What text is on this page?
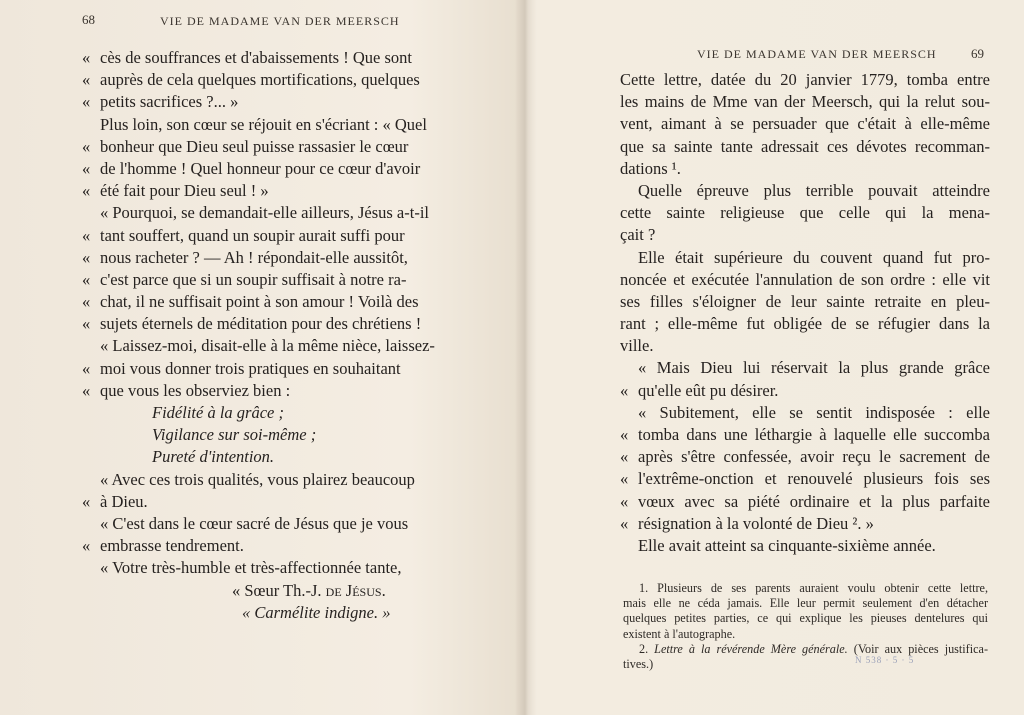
68	VIE DE MADAME VAN DER MEERSCH
« cès de souffrances et d'abaissements ! Que sont
« auprès de cela quelques mortifications, quelques
« petits sacrifices ?... »
Plus loin, son cœur se réjouit en s'écriant : « Quel
« bonheur que Dieu seul puisse rassasier le cœur
« de l'homme ! Quel honneur pour ce cœur d'avoir
« été fait pour Dieu seul ! »
« Pourquoi, se demandait-elle ailleurs, Jésus a-t-il
« tant souffert, quand un soupir aurait suffi pour
« nous racheter ? — Ah ! répondait-elle aussitôt,
« c'est parce que si un soupir suffisait à notre ra-
« chat, il ne suffisait point à son amour ! Voilà des
« sujets éternels de méditation pour des chrétiens !
« Laissez-moi, disait-elle à la même nièce, laissez-
« moi vous donner trois pratiques en souhaitant
« que vous les observiez bien :
Fidélité à la grâce ;
Vigilance sur soi-même ;
Pureté d'intention.
« Avec ces trois qualités, vous plairez beaucoup
« à Dieu.
« C'est dans le cœur sacré de Jésus que je vous
« embrasse tendrement.
« Votre très-humble et très-affectionnée tante,
« Sœur Th.-J. de Jésus.
« Carmélite indigne. »
VIE DE MADAME VAN DER MEERSCH	69
Cette lettre, datée du 20 janvier 1779, tomba entre
les mains de Mme van der Meersch, qui la relut sou-
vent, aimant à se persuader que c'était à elle-même
que sa sainte tante adressait ces dévotes recomman-
dations ¹.
Quelle épreuve plus terrible pouvait atteindre
cette sainte religieuse que celle qui la mena-
çait ?
Elle était supérieure du couvent quand fut pro-
noncée et exécutée l'annulation de son ordre : elle vit
ses filles s'éloigner de leur sainte retraite en pleu-
rant ; elle-même fut obligée de se réfugier dans la
ville.
« Mais Dieu lui réservait la plus grande grâce
« qu'elle eût pu désirer.
« Subitement, elle se sentit indisposée : elle
« tomba dans une léthargie à laquelle elle succomba
« après s'être confessée, avoir reçu le sacrement de
« l'extrême-onction et renouvelé plusieurs fois ses
« vœux avec sa piété ordinaire et la plus parfaite
« résignation à la volonté de Dieu ². »
Elle avait atteint sa cinquante-sixième année.
1. Plusieurs de ses parents auraient voulu obtenir cette lettre,
mais elle ne céda jamais. Elle leur permit seulement d'en détacher
quelques petites parties, ce qui explique les pieuses dentelures qui
existent à l'autographe.
2. Lettre à la révérende Mère générale. (Voir aux pièces justifica-
tives.)	N 538 · 5 · 5
